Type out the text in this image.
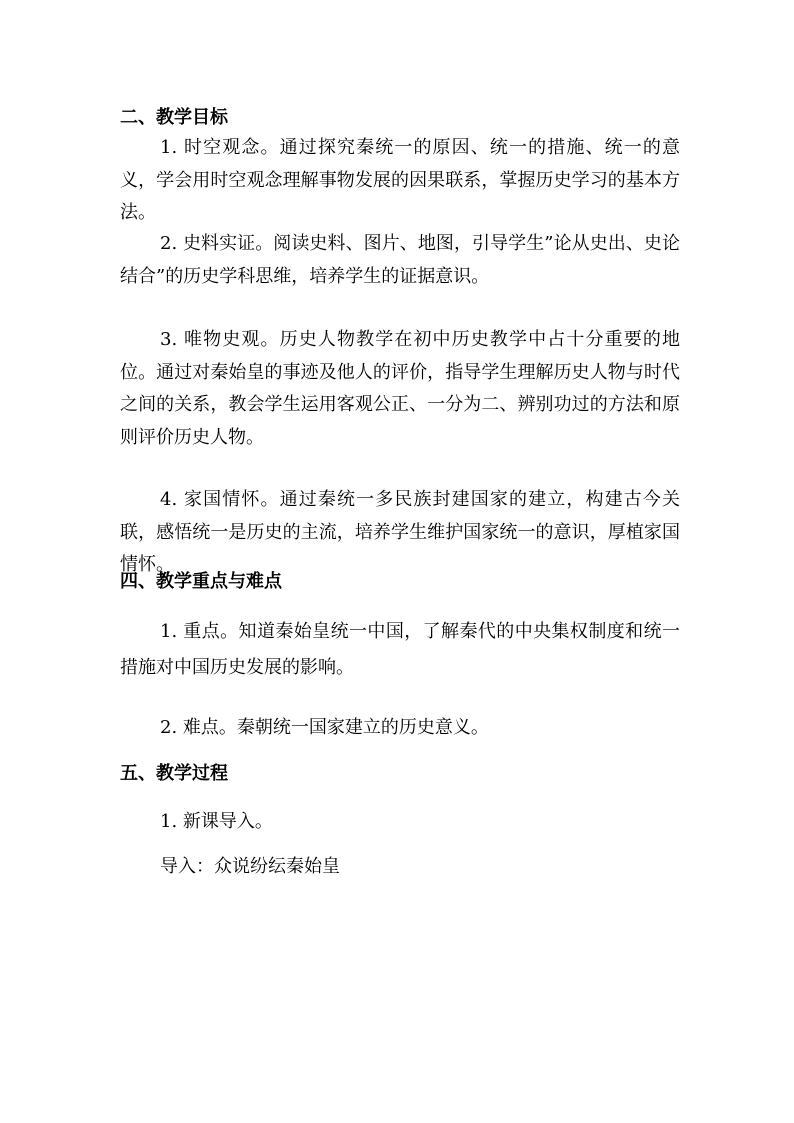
二、教学目标

1. 时空观念。通过探究秦统一的原因、统一的措施、统一的意义，学会用时空观念理解事物发展的因果联系，掌握历史学习的基本方法。

2. 史料实证。阅读史料、图片、地图，引导学生”论从史出、史论结合”的历史学科思维，培养学生的证据意识。

3. 唯物史观。历史人物教学在初中历史教学中占十分重要的地位。通过对秦始皇的事迹及他人的评价，指导学生理解历史人物与时代之间的关系，教会学生运用客观公正、一分为二、辨别功过的方法和原则评价历史人物。

4. 家国情怀。通过秦统一多民族封建国家的建立，构建古今关联，感悟统一是历史的主流，培养学生维护国家统一的意识，厚植家国情怀。

四、教学重点与难点

1. 重点。知道秦始皇统一中国，了解秦代的中央集权制度和统一措施对中国历史发展的影响。

2. 难点。秦朝统一国家建立的历史意义。
五、教学过程
1. 新课导入。
导入：众说纷纭秦始皇
